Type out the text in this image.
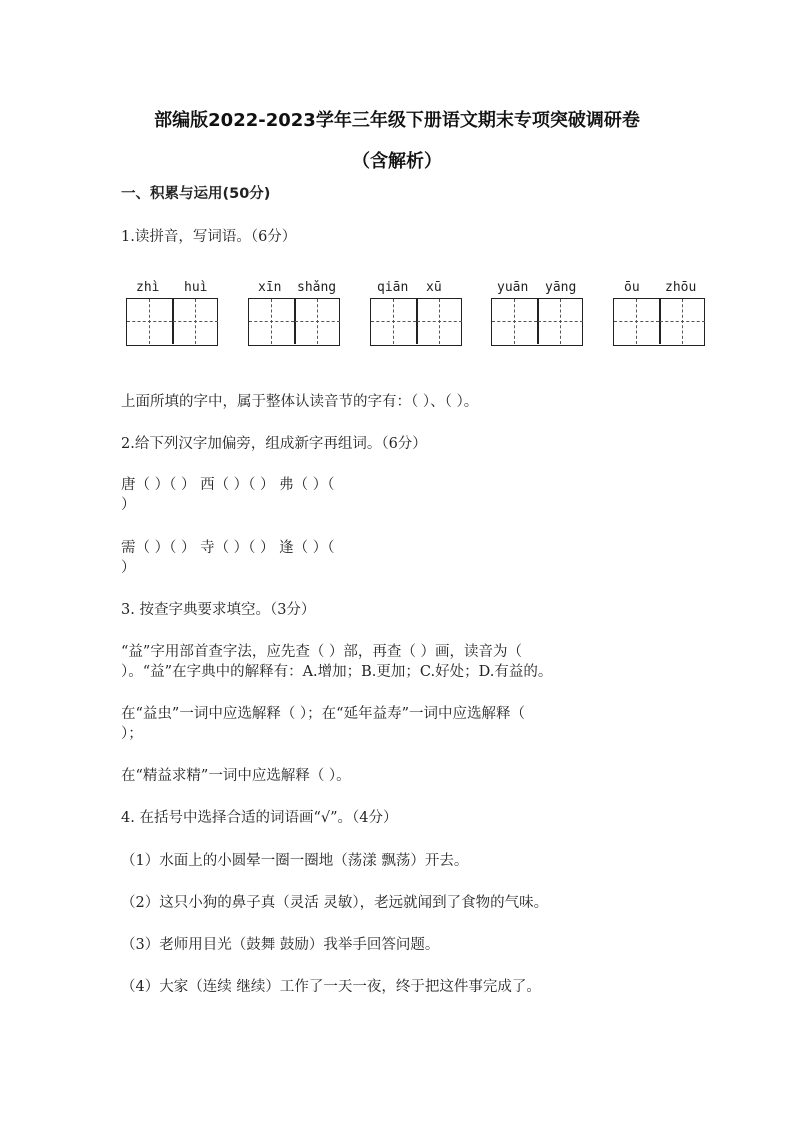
部编版2022-2023学年三年级下册语文期末专项突破调研卷
（含解析）
一、积累与运用(50分)
1.读拼音，写词语。（6分）
zhì huì	xīn shǎng	qiān xū	yuān yāng	ōu zhōu
上面所填的字中，属于整体认读音节的字有：（ ）、（ ）。
2.给下列汉字加偏旁，组成新字再组词。（6分）
唐（ ）（ ） 西（ ）（ ） 弗（ ）（
）
需（ ）（ ） 寺（ ）（ ） 逢（ ）（
）
3. 按查字典要求填空。（3分）
“益”字用部首查字法，应先查（ ）部，再查（ ）画，读音为（
）。“益”在字典中的解释有：A.增加；B.更加；C.好处；D.有益的。
在“益虫”一词中应选解释（ ）；在“延年益寿”一词中应选解释（
）；
在“精益求精”一词中应选解释（ ）。
4. 在括号中选择合适的词语画“√”。（4分）
（1）水面上的小圆晕一圈一圈地（荡漾 飘荡）开去。
（2）这只小狗的鼻子真（灵活 灵敏），老远就闻到了食物的气味。
（3）老师用目光（鼓舞 鼓励）我举手回答问题。
（4）大家（连续 继续）工作了一天一夜，终于把这件事完成了。
